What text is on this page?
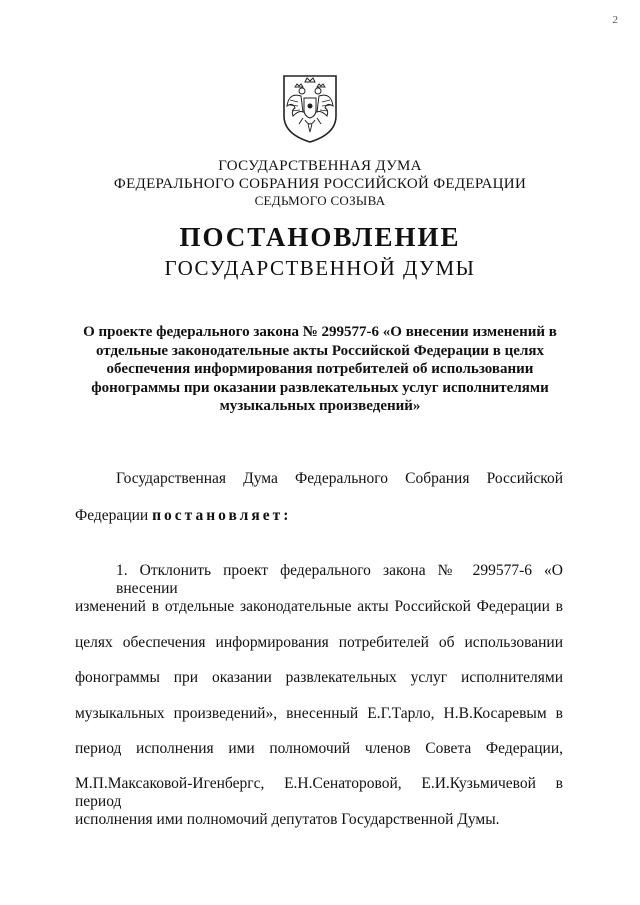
2
ГОСУДАРСТВЕННАЯ ДУМА
ФЕДЕРАЛЬНОГО СОБРАНИЯ РОССИЙСКОЙ ФЕДЕРАЦИИ
СЕДЬМОГО СОЗЫВА
ПОСТАНОВЛЕНИЕ
ГОСУДАРСТВЕННОЙ ДУМЫ
О проекте федерального закона № 299577-6 «О внесении изменений в
отдельные законодательные акты Российской Федерации в целях
обеспечения информирования потребителей об использовании
фонограммы при оказании развлекательных услуг исполнителями
музыкальных произведений»
Государственная Дума Федерального Собрания Российской
Федерации постановляет:
1. Отклонить проект федерального закона № 299577-6 «О внесении
изменений в отдельные законодательные акты Российской Федерации в
целях обеспечения информирования потребителей об использовании
фонограммы при оказании развлекательных услуг исполнителями
музыкальных произведений», внесенный Е.Г.Тарло, Н.В.Косаревым в
период исполнения ими полномочий членов Совета Федерации,
М.П.Максаковой-Игенбергс, Е.Н.Сенаторовой, Е.И.Кузьмичевой в период
исполнения ими полномочий депутатов Государственной Думы.
